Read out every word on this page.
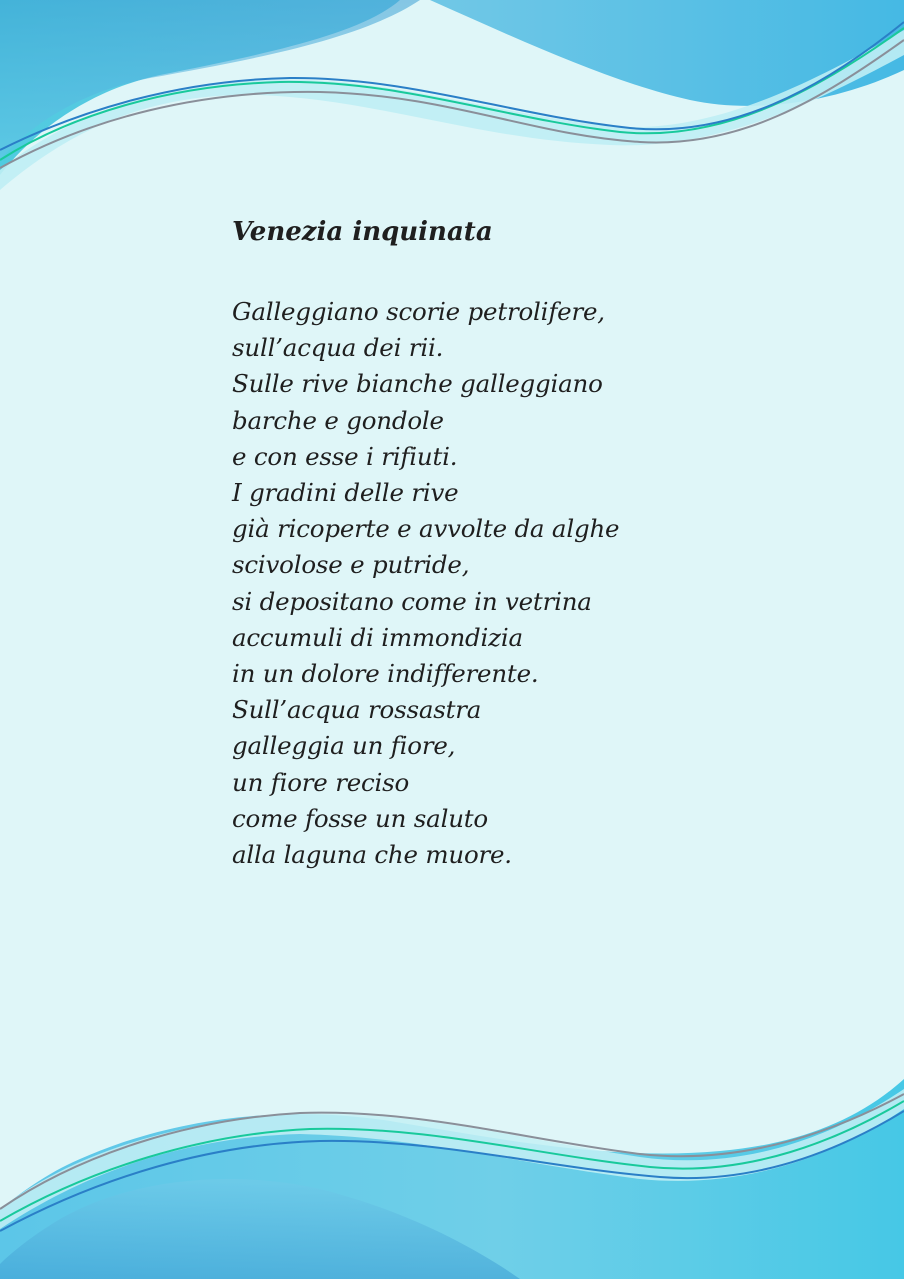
Venezia inquinata
Galleggiano scorie petrolifere,
sull’acqua dei rii.
Sulle rive bianche galleggiano
barche e gondole
e con esse i rifiuti.
I gradini delle rive
già ricoperte e avvolte da alghe
scivolose e putride,
si depositano come in vetrina
accumuli di immondizia
in un dolore indifferente.
Sull’acqua rossastra
galleggia un fiore,
un fiore reciso
come fosse un saluto
alla laguna che muore.
